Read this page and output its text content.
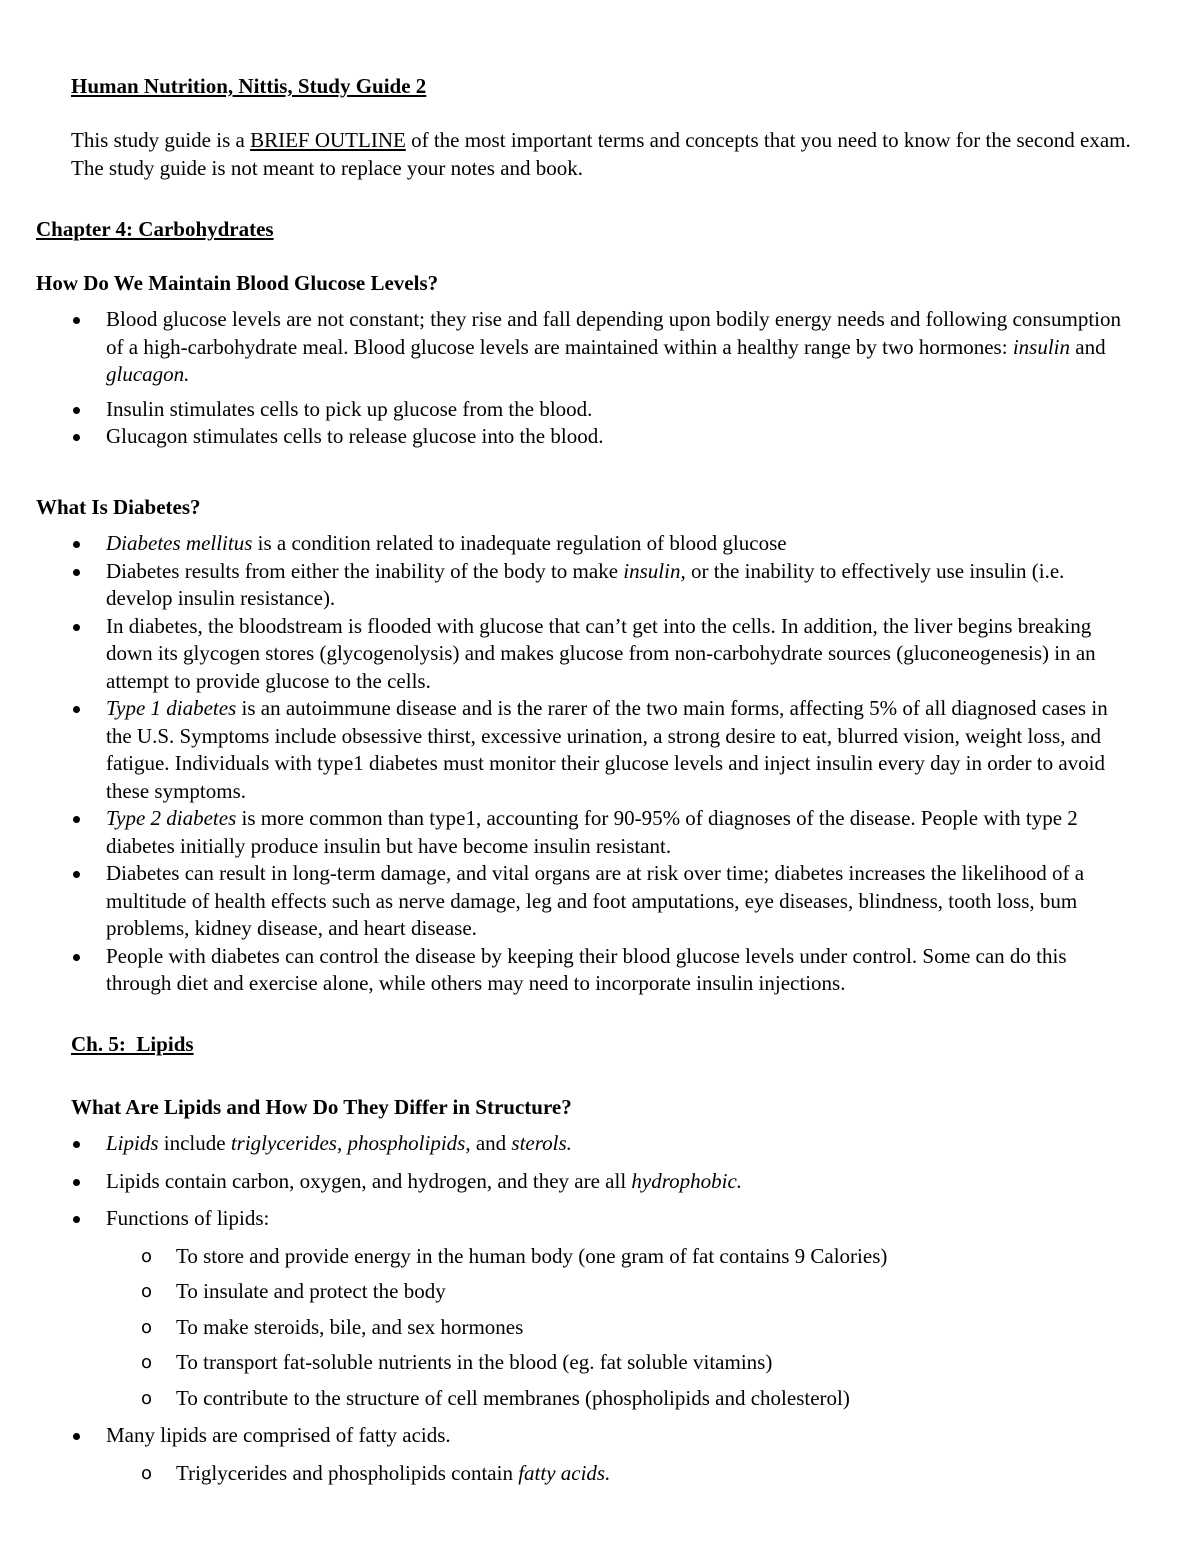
Human Nutrition, Nittis, Study Guide 2
This study guide is a BRIEF OUTLINE of the most important terms and concepts that you need to know for the second exam. The study guide is not meant to replace your notes and book.
Chapter 4: Carbohydrates
How Do We Maintain Blood Glucose Levels?
Blood glucose levels are not constant; they rise and fall depending upon bodily energy needs and following consumption of a high-carbohydrate meal. Blood glucose levels are maintained within a healthy range by two hormones: insulin and glucagon.
Insulin stimulates cells to pick up glucose from the blood.
Glucagon stimulates cells to release glucose into the blood.
What Is Diabetes?
Diabetes mellitus is a condition related to inadequate regulation of blood glucose
Diabetes results from either the inability of the body to make insulin, or the inability to effectively use insulin (i.e. develop insulin resistance).
In diabetes, the bloodstream is flooded with glucose that can’t get into the cells. In addition, the liver begins breaking down its glycogen stores (glycogenolysis) and makes glucose from non-carbohydrate sources (gluconeogenesis) in an attempt to provide glucose to the cells.
Type 1 diabetes is an autoimmune disease and is the rarer of the two main forms, affecting 5% of all diagnosed cases in the U.S. Symptoms include obsessive thirst, excessive urination, a strong desire to eat, blurred vision, weight loss, and fatigue. Individuals with type1 diabetes must monitor their glucose levels and inject insulin every day in order to avoid these symptoms.
Type 2 diabetes is more common than type1, accounting for 90-95% of diagnoses of the disease. People with type 2 diabetes initially produce insulin but have become insulin resistant.
Diabetes can result in long-term damage, and vital organs are at risk over time; diabetes increases the likelihood of a multitude of health effects such as nerve damage, leg and foot amputations, eye diseases, blindness, tooth loss, bum problems, kidney disease, and heart disease.
People with diabetes can control the disease by keeping their blood glucose levels under control. Some can do this through diet and exercise alone, while others may need to incorporate insulin injections.
Ch. 5:  Lipids
What Are Lipids and How Do They Differ in Structure?
Lipids include triglycerides, phospholipids, and sterols.
Lipids contain carbon, oxygen, and hydrogen, and they are all hydrophobic.
Functions of lipids:
o To store and provide energy in the human body (one gram of fat contains 9 Calories)
o To insulate and protect the body
o To make steroids, bile, and sex hormones
o To transport fat-soluble nutrients in the blood (eg. fat soluble vitamins)
o To contribute to the structure of cell membranes (phospholipids and cholesterol)
Many lipids are comprised of fatty acids.
o Triglycerides and phospholipids contain fatty acids.
